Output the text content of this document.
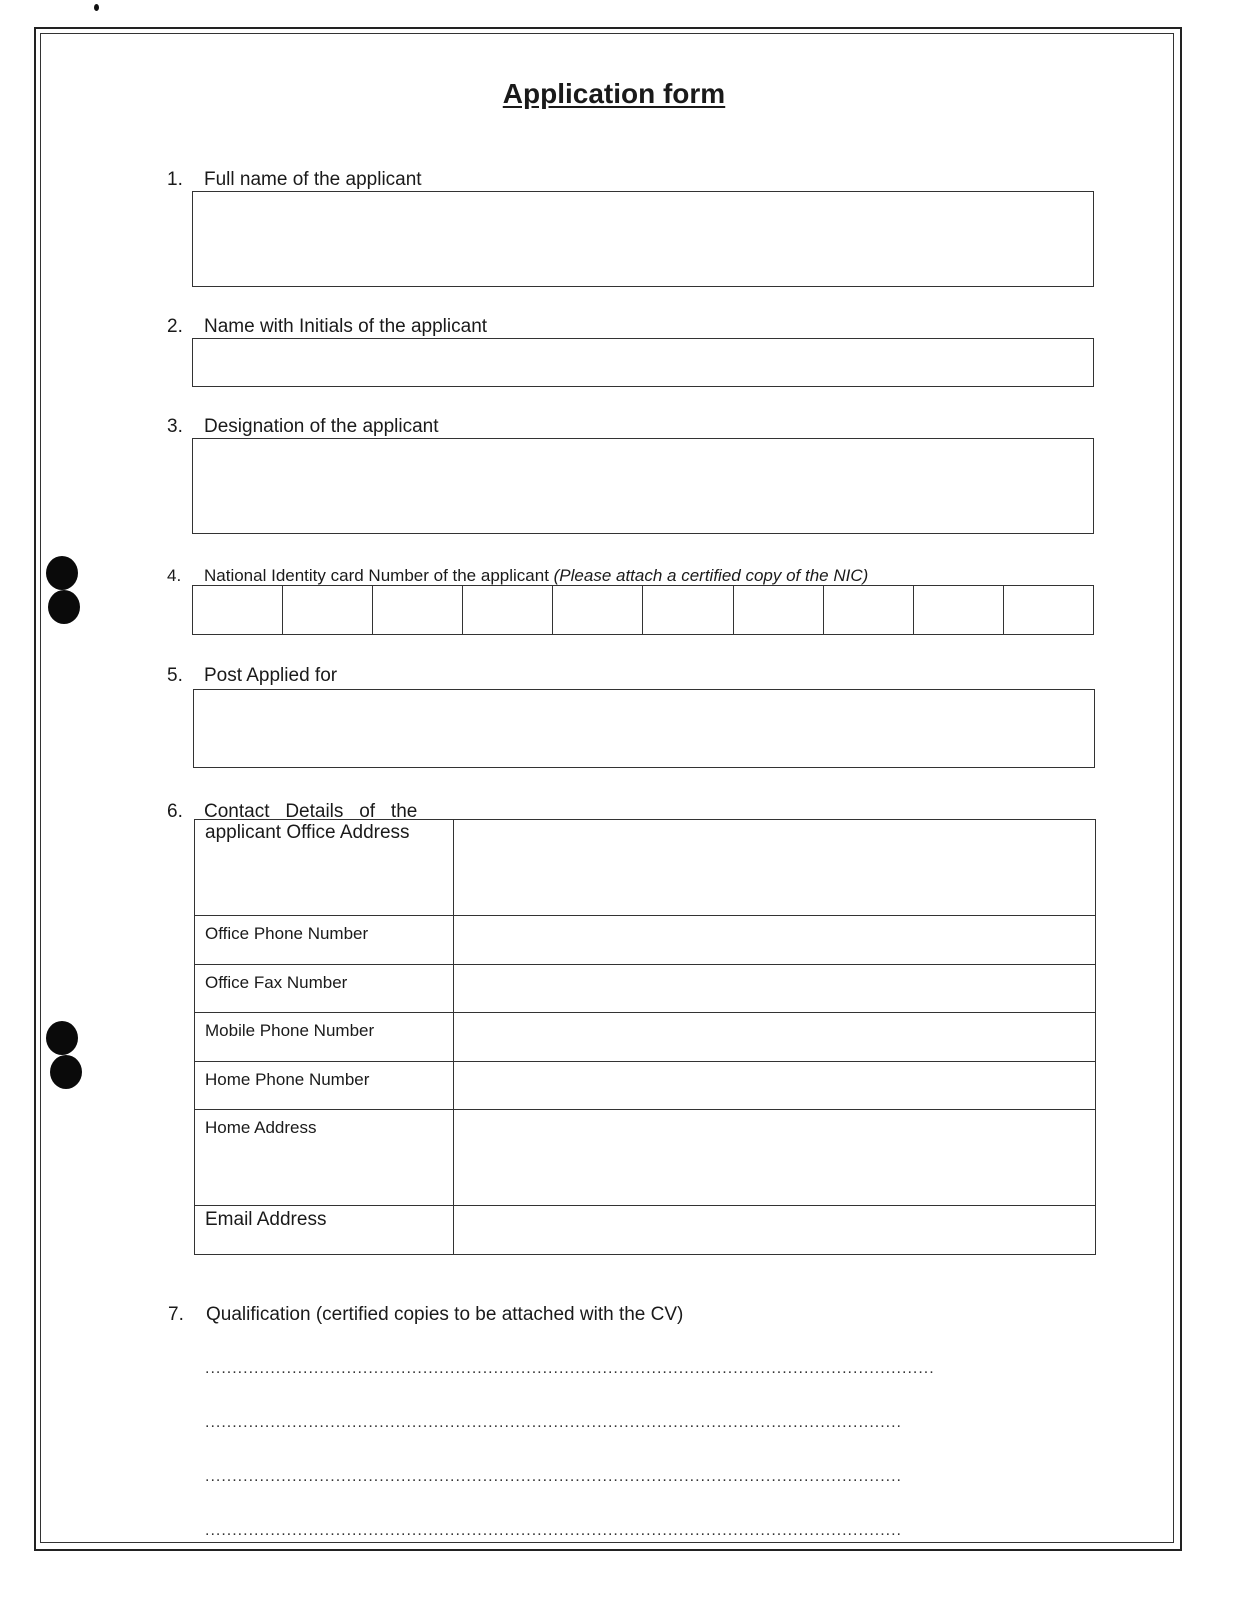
Application form
1. Full name of the applicant
2. Name with Initials of the applicant
3. Designation of the applicant
4. National Identity card Number of the applicant (Please attach a certified copy of the NIC)
5. Post Applied for
6. Contact   Details   of   the
applicant Office Address	
Office Phone Number	
Office Fax Number	
Mobile Phone Number	
Home Phone Number	
Home Address	
Email Address	
7. Qualification (certified copies to be attached with the CV)
......................................................................................................................................
................................................................................................................................
................................................................................................................................
................................................................................................................................
